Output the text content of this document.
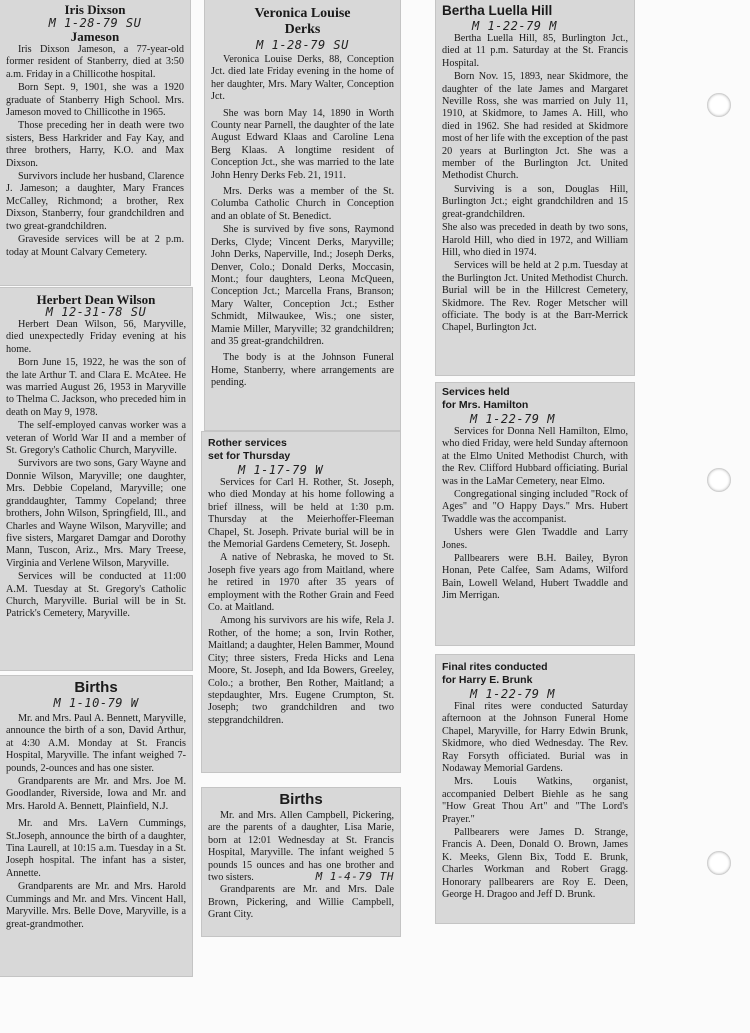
Iris Dixson
M 1-28-79 SU
Jameson

Iris Dixson Jameson, a 77-year-old former resident of Stanberry, died at 3:50 a.m. Friday in a Chillicothe hospital.

Born Sept. 9, 1901, she was a 1920 graduate of Stanberry High School. Mrs. Jameson moved to Chillicothe in 1965.

Those preceding her in death were two sisters, Bess Harkrider and Fay Kay, and three brothers, Harry, K.O. and Max Dixson.

Survivors include her husband, Clarence J. Jameson; a daughter, Mary Frances McCalley, Richmond; a brother, Rex Dixson, Stanberry, four grandchildren and two great-grandchildren.

Graveside services will be at 2 p.m. today at Mount Calvary Cemetery.

Veronica Louise
Derks
M 1-28-79 SU

Veronica Louise Derks, 88, Conception Jct. died late Friday evening in the home of her daughter, Mrs. Mary Walter, Conception Jct.

She was born May 14, 1890 in Worth County near Parnell, the daughter of the late August Edward Klaas and Caroline Lena Berg Klaas. A longtime resident of Conception Jct., she was married to the late John Henry Derks Feb. 21, 1911.

Mrs. Derks was a member of the St. Columba Catholic Church in Conception and an oblate of St. Benedict.

She is survived by five sons, Raymond Derks, Clyde; Vincent Derks, Maryville; John Derks, Naperville, Ind.; Joseph Derks, Denver, Colo.; Donald Derks, Moccasin, Mont.; four daughters, Leona McQueen, Conception Jct.; Marcella Frans, Branson; Mary Walter, Conception Jct.; Esther Schmidt, Milwaukee, Wis.; one sister, Mamie Miller, Maryville; 32 grandchildren; and 35 great-grandchildren.

The body is at the Johnson Funeral Home, Stanberry, where arrangements are pending.

Bertha Luella Hill
M 1-22-79 M

Bertha Luella Hill, 85, Burlington Jct., died at 11 p.m. Saturday at the St. Francis Hospital.

Born Nov. 15, 1893, near Skidmore, the daughter of the late James and Margaret Neville Ross, she was married on July 11, 1910, at Skidmore, to James A. Hill, who died in 1962. She had resided at Skidmore most of her life with the exception of the past 20 years at Burlington Jct. She was a member of the Burlington Jct. United Methodist Church.

Surviving is a son, Douglas Hill, Burlington Jct.; eight grandchildren and 15 great-grandchildren.

She also was preceded in death by two sons, Harold Hill, who died in 1972, and William Hill, who died in 1974.

Services will be held at 2 p.m. Tuesday at the Burlington Jct. United Methodist Church. Burial will be in the Hillcrest Cemetery, Skidmore. The Rev. Roger Metscher will officiate. The body is at the Barr-Merrick Chapel, Burlington Jct.

Herbert Dean Wilson
M 12-31-78 SU

Herbert Dean Wilson, 56, Maryville, died unexpectedly Friday evening at his home.

Born June 15, 1922, he was the son of the late Arthur T. and Clara E. McAtee. He was married August 26, 1953 in Maryville to Thelma C. Jackson, who preceded him in death on May 9, 1978.

The self-employed canvas worker was a veteran of World War II and a member of St. Gregory's Catholic Church, Maryville.

Survivors are two sons, Gary Wayne and Donnie Wilson, Maryville; one daughter, Mrs. Debbie Copeland, Maryville; one granddaughter, Tammy Copeland; three brothers, John Wilson, Springfield, Ill., and Charles and Wayne Wilson, Maryville; and five sisters, Margaret Damgar and Dorothy Mann, Tuscon, Ariz., Mrs. Mary Treese, Virginia and Verlene Wilson, Maryville.

Services will be conducted at 11:00 A.M. Tuesday at St. Gregory's Catholic Church, Maryville. Burial will be in St. Patrick's Cemetery, Maryville.

Rother services
set for Thursday
M 1-17-79 W

Services for Carl H. Rother, St. Joseph, who died Monday at his home following a brief illness, will be held at 1:30 p.m. Thursday at the Meierhoffer-Fleeman Chapel, St. Joseph. Private burial will be in the Memorial Gardens Cemetery, St. Joseph.

A native of Nebraska, he moved to St. Joseph five years ago from Maitland, where he retired in 1970 after 35 years of employment with the Rother Grain and Feed Co. at Maitland.

Among his survivors are his wife, Rela J. Rother, of the home; a son, Irvin Rother, Maitland; a daughter, Helen Bammer, Mound City; three sisters, Freda Hicks and Lena Moore, St. Joseph, and Ida Bowers, Greeley, Colo.; a brother, Ben Rother, Maitland; a stepdaughter, Mrs. Eugene Crumpton, St. Joseph; two grandchildren and two stepgrandchildren.

Services held
for Mrs. Hamilton
M 1-22-79 M

Services for Donna Nell Hamilton, Elmo, who died Friday, were held Sunday afternoon at the Elmo United Methodist Church, with the Rev. Clifford Hubbard officiating. Burial was in the LaMar Cemetery, near Elmo.

Congregational singing included "Rock of Ages" and "O Happy Days." Mrs. Hubert Twaddle was the accompanist.

Ushers were Glen Twaddle and Larry Jones.

Pallbearers were B.H. Bailey, Byron Honan, Pete Calfee, Sam Adams, Wilford Bain, Lowell Weland, Hubert Twaddle and Jim Merrigan.

Births
M 1-10-79 W

Mr. and Mrs. Paul A. Bennett, Maryville, announce the birth of a son, David Arthur, at 4:30 A.M. Monday at St. Francis Hospital, Maryville. The infant weighed 7-pounds, 2-ounces and has one sister.

Grandparents are Mr. and Mrs. Joe M. Goodlander, Riverside, Iowa and Mr. and Mrs. Harold A. Bennett, Plainfield, N.J.

Mr. and Mrs. LaVern Cummings, St.Joseph, announce the birth of a daughter, Tina Laurell, at 10:15 a.m. Tuesday in a St. Joseph hospital. The infant has a sister, Annette.

Grandparents are Mr. and Mrs. Harold Cummings and Mr. and Mrs. Vincent Hall, Maryville. Mrs. Belle Dove, Maryville, is a great-grandmother.

Births

Mr. and Mrs. Allen Campbell, Pickering, are the parents of a daughter, Lisa Marie, born at 12:01 Wednesday at St. Francis Hospital, Maryville. The infant weighed 5 pounds 15 ounces and has one brother and two sisters.	M 1-4-79 TH

Grandparents are Mr. and Mrs. Dale Brown, Pickering, and Willie Campbell, Grant City.

Final rites conducted
for Harry E. Brunk
M 1-22-79 M

Final rites were conducted Saturday afternoon at the Johnson Funeral Home Chapel, Maryville, for Harry Edwin Brunk, Skidmore, who died Wednesday. The Rev. Ray Forsyth officiated. Burial was in Nodaway Memorial Gardens.

Mrs. Louis Watkins, organist, accompanied Delbert Biehle as he sang "How Great Thou Art" and "The Lord's Prayer."

Pallbearers were James D. Strange, Francis A. Deen, Donald O. Brown, James K. Meeks, Glenn Bix, Todd E. Brunk, Charles Workman and Robert Gragg. Honorary pallbearers are Roy E. Deen, George H. Dragoo and Jeff D. Brunk.
